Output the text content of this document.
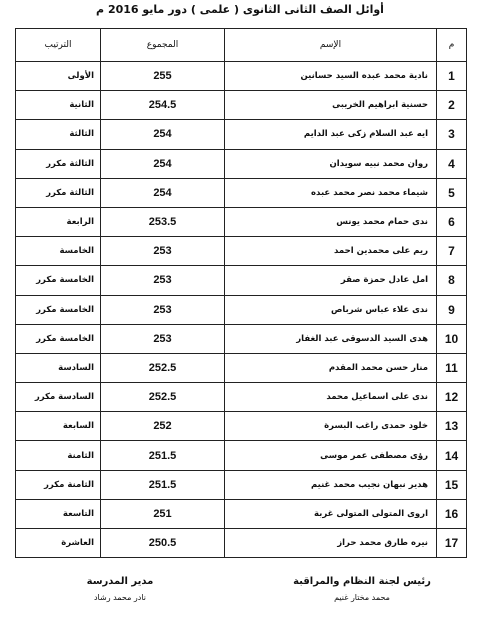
أوائل الصف الثانى الثانوى ( علمى ) دور مايو 2016 م
م	الإسم	المجموع	الترتيب
1	نادية محمد عبده السيد حسانين	255	الأولى
2	حسنية ابراهيم الخريبى	254.5	الثانية
3	ايه عبد السلام زكى عبد الدايم	254	الثالثة
4	روان محمد نبيه سويدان	254	الثالثة مكرر
5	شيماء محمد نصر محمد عبده	254	الثالثة مكرر
6	ندى حمام محمد يونس	253.5	الرابعة
7	ريم على محمدين احمد	253	الخامسة
8	امل عادل حمزة صقر	253	الخامسة مكرر
9	ندى علاء عباس شرباص	253	الخامسة مكرر
10	هدى السيد الدسوقى عبد الغفار	253	الخامسة مكرر
11	منار حسن محمد المقدم	252.5	السادسة
12	ندى على اسماعيل محمد	252.5	السادسة مكرر
13	خلود حمدى راغب البسرة	252	السابعة
14	رؤى مصطفى عمر موسى	251.5	الثامنة
15	هدير نبهان نجيب محمد غنيم	251.5	الثامنة مكرر
16	اروى المتولى المتولى غربة	251	التاسعة
17	نيره طارق محمد حراز	250.5	العاشرة
رئيس لجنة النظام والمراقبة
محمد مختار غنيم
مدير المدرسة
نادر محمد رشاد
